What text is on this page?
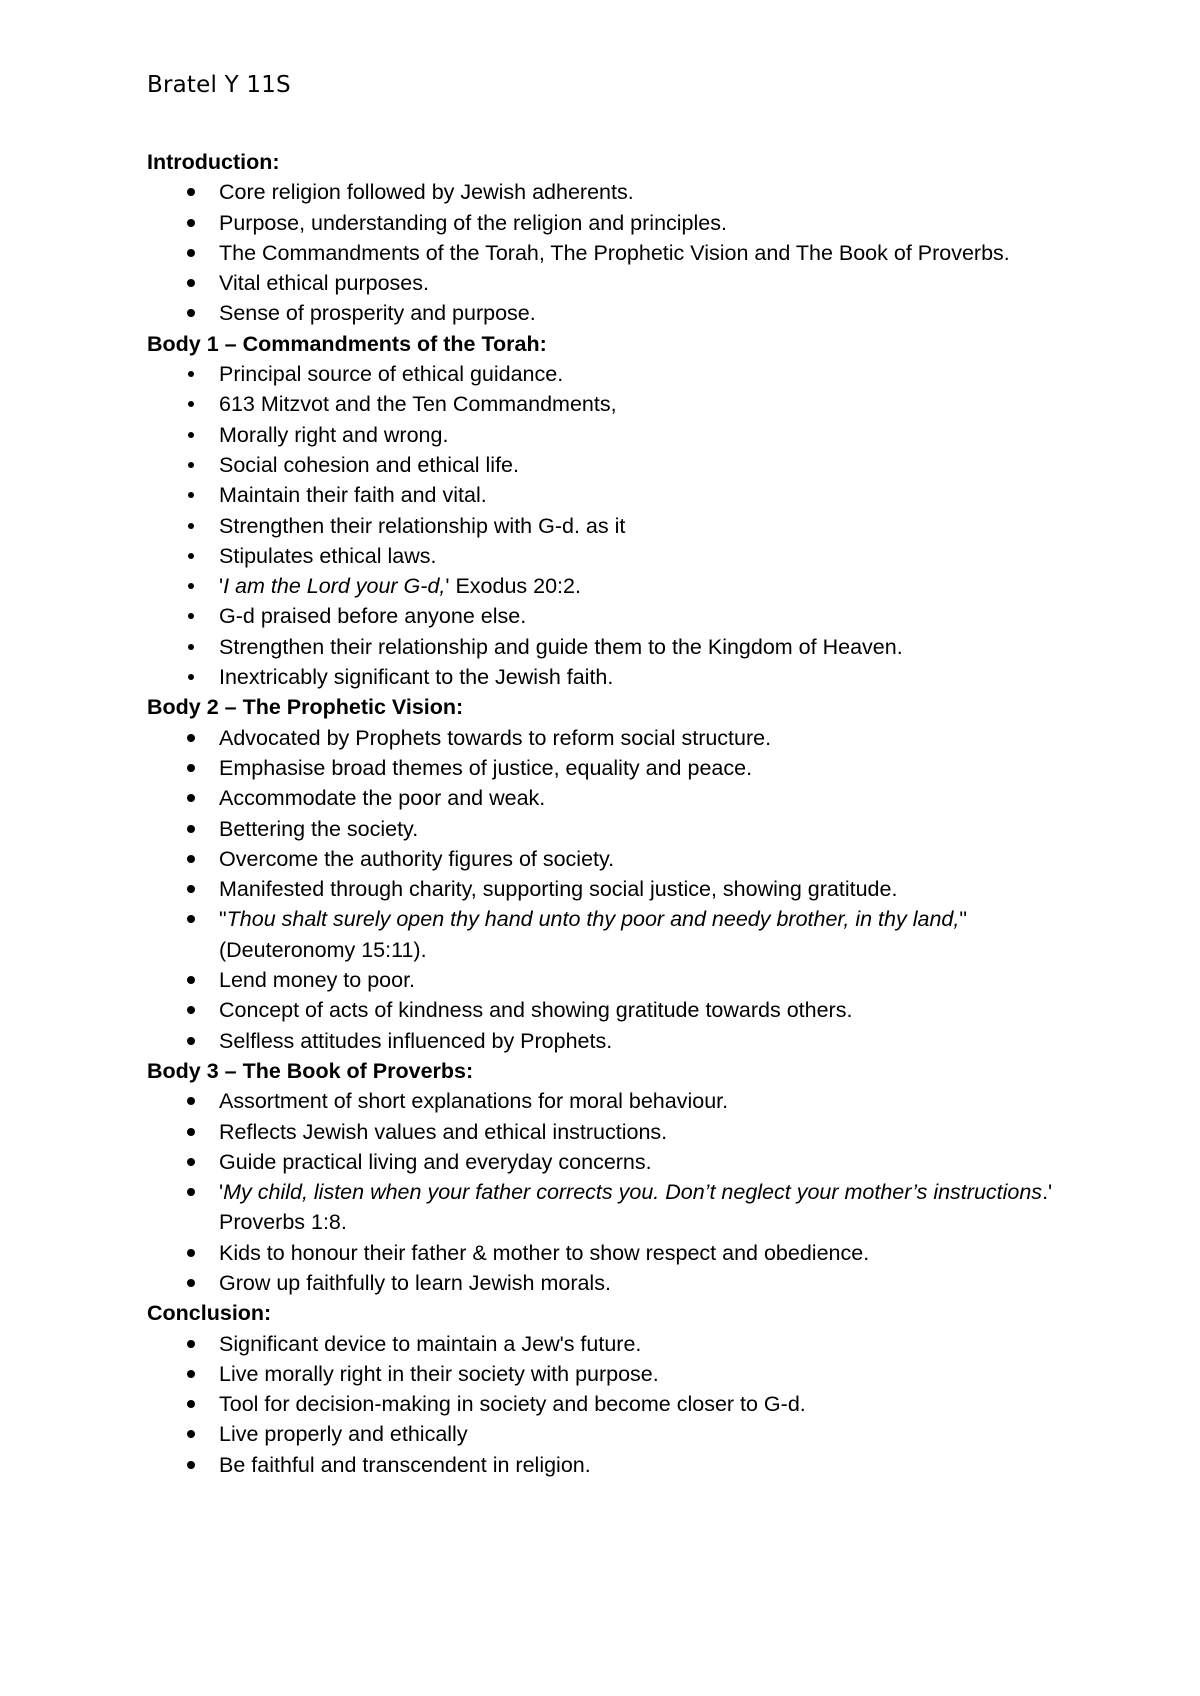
Bratel Y 11S
Introduction:
Core religion followed by Jewish adherents.
Purpose, understanding of the religion and principles.
The Commandments of the Torah, The Prophetic Vision and The Book of Proverbs.
Vital ethical purposes.
Sense of prosperity and purpose.
Body 1 – Commandments of the Torah:
Principal source of ethical guidance.
613 Mitzvot and the Ten Commandments,
Morally right and wrong.
Social cohesion and ethical life.
Maintain their faith and vital.
Strengthen their relationship with G-d. as it
Stipulates ethical laws.
'I am the Lord your G-d,' Exodus 20:2.
G-d praised before anyone else.
Strengthen their relationship and guide them to the Kingdom of Heaven.
Inextricably significant to the Jewish faith.
Body 2 – The Prophetic Vision:
Advocated by Prophets towards to reform social structure.
Emphasise broad themes of justice, equality and peace.
Accommodate the poor and weak.
Bettering the society.
Overcome the authority figures of society.
Manifested through charity, supporting social justice, showing gratitude.
"Thou shalt surely open thy hand unto thy poor and needy brother, in thy land,"
(Deuteronomy 15:11).
Lend money to poor.
Concept of acts of kindness and showing gratitude towards others.
Selfless attitudes influenced by Prophets.
Body 3 – The Book of Proverbs:
Assortment of short explanations for moral behaviour.
Reflects Jewish values and ethical instructions.
Guide practical living and everyday concerns.
'My child, listen when your father corrects you. Don’t neglect your mother’s instructions.'
Proverbs 1:8.
Kids to honour their father & mother to show respect and obedience.
Grow up faithfully to learn Jewish morals.
Conclusion:
Significant device to maintain a Jew's future.
Live morally right in their society with purpose.
Tool for decision-making in society and become closer to G-d.
Live properly and ethically
Be faithful and transcendent in religion.
